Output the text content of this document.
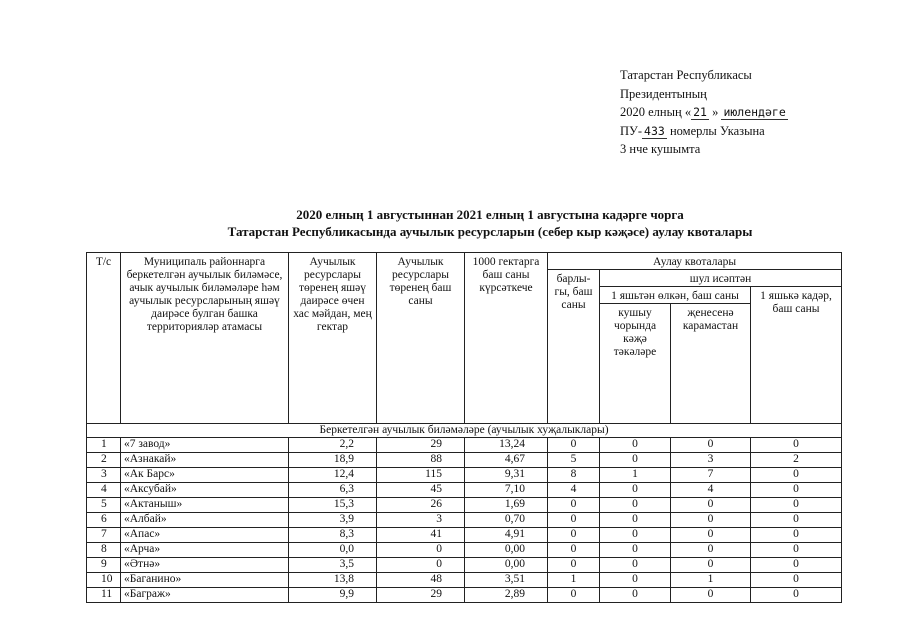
Татарстан Республикасы
Президентының
2020 елның « 21 » июлендәге
ПУ- 433 номерлы Указына
3 нче кушымта
2020 елның 1 августыннан 2021 елның 1 августына кадәрге чорга
Татарстан Республикасында аучылык ресурсларын (себер кыр кәҗәсе) аулау квоталары
Т/с	Муниципаль районнарга беркетелгән аучылык биләмәсе, ачык аучылык биләмәләре һәм аучылык ресурсларының яшәү даирәсе булган башка территорияләр атамасы	Аучылык ресурслары төренең яшәү даирәсе өчен хас мәйдан, мең гектар	Аучылык ресурслары төренең баш саны	1000 гектарга баш саны күрсәткече	Аулау квоталары			
					барлы-гы, баш саны	шул исәптән		
						1 яшьтән өлкән, баш саны		1 яшькә кадәр, баш саны
						кушыу чорында кәҗә тәкәләре	җенесенә карамастан	
Беркетелгән аучылык биләмәләре (аучылык хуҗалыклары)								
1	«7 завод»	2,2	29	13,24	0	0	0	0
2	«Азнакай»	18,9	88	4,67	5	0	3	2
3	«Ак Барс»	12,4	115	9,31	8	1	7	0
4	«Аксубай»	6,3	45	7,10	4	0	4	0
5	«Актаныш»	15,3	26	1,69	0	0	0	0
6	«Албай»	3,9	3	0,70	0	0	0	0
7	«Апас»	8,3	41	4,91	0	0	0	0
8	«Арча»	0,0	0	0,00	0	0	0	0
9	«Әтнә»	3,5	0	0,00	0	0	0	0
10	«Баганино»	13,8	48	3,51	1	0	1	0
11	«Баграж»	9,9	29	2,89	0	0	0	0
